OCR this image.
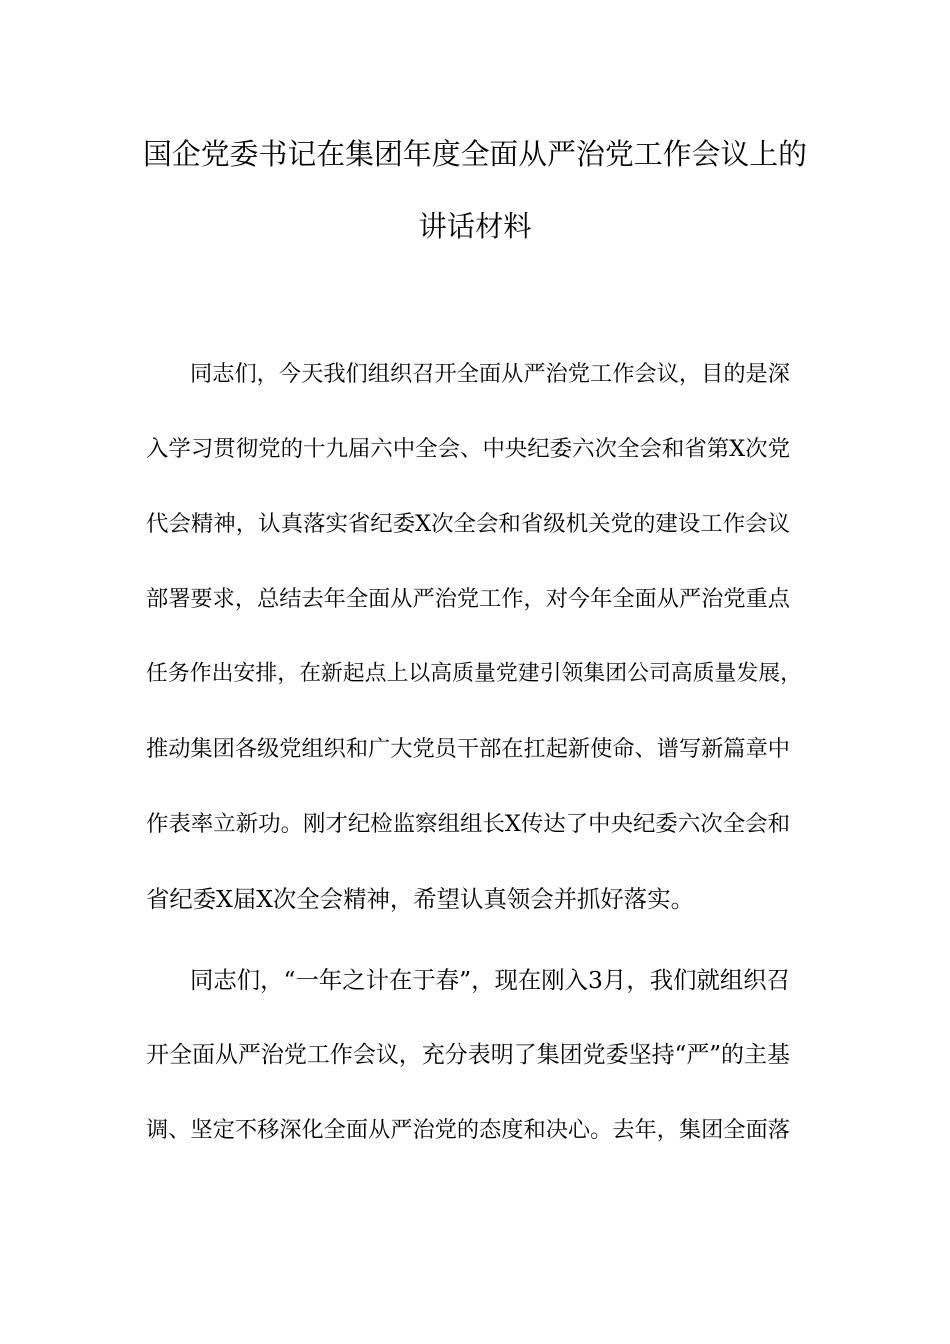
国企党委书记在集团年度全面从严治党工作会议上的
讲话材料
同志们，今天我们组织召开全面从严治党工作会议，目的是深
入学习贯彻党的十九届六中全会、中央纪委六次全会和省第Ⅹ次党
代会精神，认真落实省纪委Ⅹ次全会和省级机关党的建设工作会议
部署要求，总结去年全面从严治党工作，对今年全面从严治党重点
任务作出安排，在新起点上以高质量党建引领集团公司高质量发展，
推动集团各级党组织和广大党员干部在扛起新使命、谱写新篇章中
作表率立新功。刚才纪检监察组组长Ⅹ传达了中央纪委六次全会和
省纪委Ⅹ届Ⅹ次全会精神，希望认真领会并抓好落实。
同志们，“一年之计在于春”，现在刚入3月，我们就组织召
开全面从严治党工作会议，充分表明了集团党委坚持“严”的主基
调、坚定不移深化全面从严治党的态度和决心。去年，集团全面落
